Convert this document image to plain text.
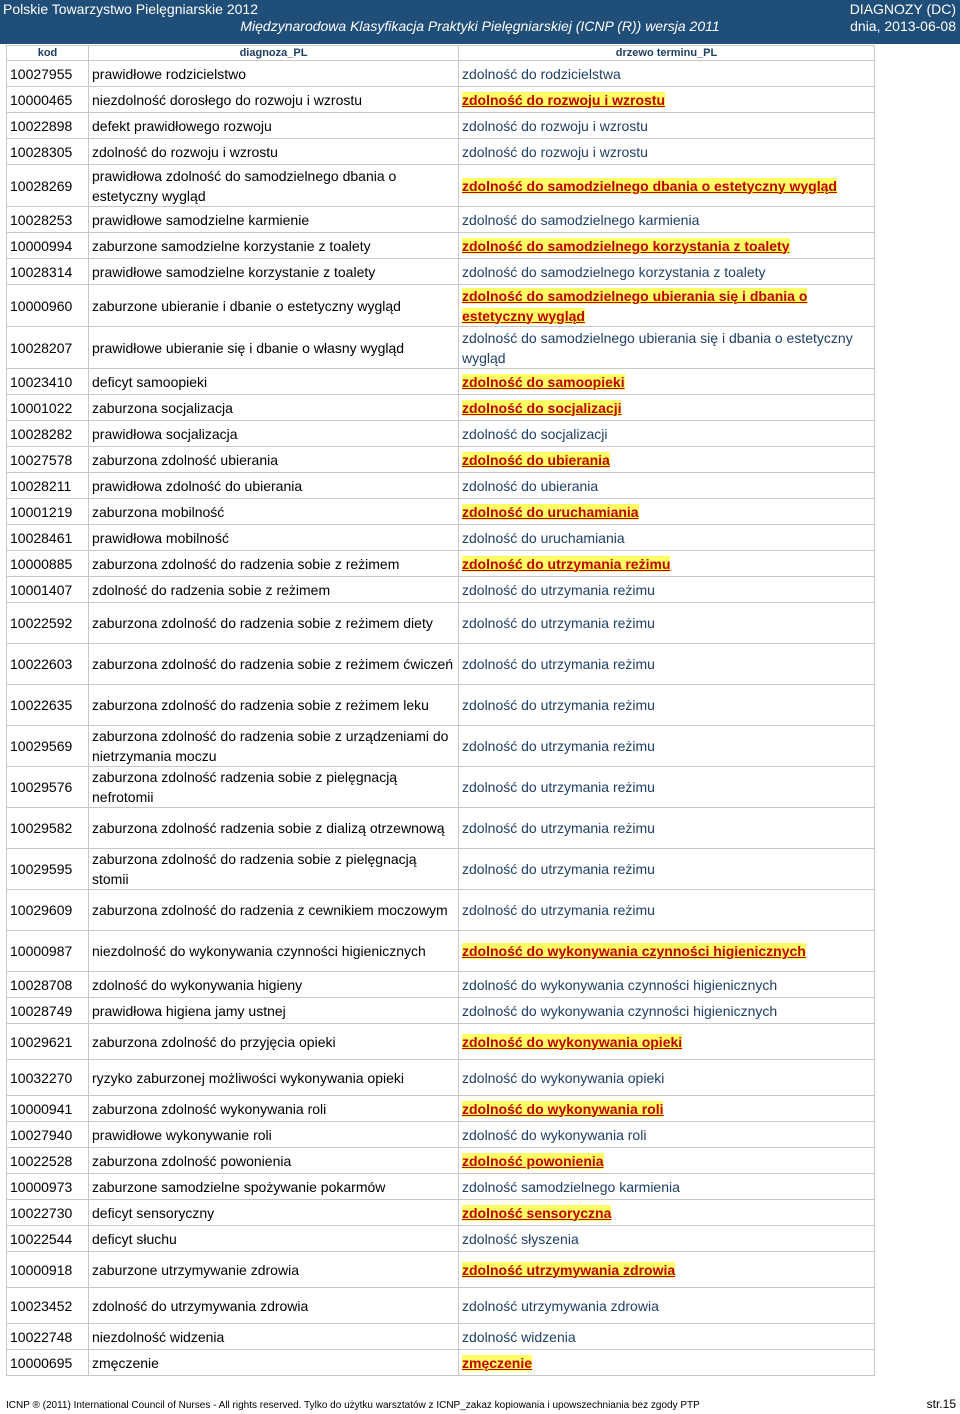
Polskie Towarzystwo Pielęgniarskie 2012
Międzynarodowa Klasyfikacja Praktyki Pielęgniarskiej (ICNP (R)) wersja 2011
DIAGNOZY (DC)
dnia, 2013-06-08
kod	diagnoza_PL	drzewo terminu_PL
10027955	prawidłowe rodzicielstwo	zdolność do rodzicielstwa
10000465	niezdolność dorosłego do rozwoju i wzrostu	zdolność do rozwoju i wzrostu
10022898	defekt prawidłowego rozwoju	zdolność do rozwoju i wzrostu
10028305	zdolność do rozwoju i wzrostu	zdolność do rozwoju i wzrostu
10028269	prawidłowa zdolność do samodzielnego dbania o estetyczny wygląd	zdolność do samodzielnego dbania o estetyczny wygląd
10028253	prawidłowe samodzielne karmienie	zdolność do samodzielnego karmienia
10000994	zaburzone samodzielne korzystanie z toalety	zdolność do samodzielnego korzystania z toalety
10028314	prawidłowe samodzielne korzystanie z toalety	zdolność do samodzielnego korzystania z toalety
10000960	zaburzone ubieranie i dbanie o estetyczny wygląd	zdolność do samodzielnego ubierania się i dbania o estetyczny wygląd
10028207	prawidłowe ubieranie się i dbanie o własny wygląd	zdolność do samodzielnego ubierania się i dbania o estetyczny wygląd
10023410	deficyt samoopieki	zdolność do samoopieki
10001022	zaburzona socjalizacja	zdolność do socjalizacji
10028282	prawidłowa socjalizacja	zdolność do socjalizacji
10027578	zaburzona zdolność ubierania	zdolność do ubierania
10028211	prawidłowa zdolność do ubierania	zdolność do ubierania
10001219	zaburzona mobilność	zdolność do uruchamiania
10028461	prawidłowa mobilność	zdolność do uruchamiania
10000885	zaburzona zdolność do radzenia sobie z reżimem	zdolność do utrzymania reżimu
10001407	zdolność do radzenia sobie z reżimem	zdolność do utrzymania reżimu
10022592	zaburzona zdolność do radzenia sobie z reżimem diety	zdolność do utrzymania reżimu
10022603	zaburzona zdolność do radzenia sobie z reżimem ćwiczeń	zdolność do utrzymania reżimu
10022635	zaburzona zdolność do radzenia sobie z reżimem leku	zdolność do utrzymania reżimu
10029569	zaburzona zdolność do radzenia sobie z urządzeniami do nietrzymania moczu	zdolność do utrzymania reżimu
10029576	zaburzona zdolność radzenia sobie z pielęgnacją nefrotomii	zdolność do utrzymania reżimu
10029582	zaburzona zdolność radzenia sobie z dializą otrzewnową	zdolność do utrzymania reżimu
10029595	zaburzona zdolność do radzenia sobie z pielęgnacją stomii	zdolność do utrzymania reżimu
10029609	zaburzona zdolność do radzenia z cewnikiem moczowym	zdolność do utrzymania reżimu
10000987	niezdolność do wykonywania czynności higienicznych	zdolność do wykonywania czynności higienicznych
10028708	zdolność do wykonywania higieny	zdolność do wykonywania czynności higienicznych
10028749	prawidłowa higiena jamy ustnej	zdolność do wykonywania czynności higienicznych
10029621	zaburzona zdolność do przyjęcia opieki	zdolność do wykonywania opieki
10032270	ryzyko zaburzonej możliwości wykonywania opieki	zdolność do wykonywania opieki
10000941	zaburzona zdolność wykonywania roli	zdolność do wykonywania roli
10027940	prawidłowe wykonywanie roli	zdolność do wykonywania roli
10022528	zaburzona zdolność powonienia	zdolność powonienia
10000973	zaburzone samodzielne spożywanie pokarmów	zdolność samodzielnego karmienia
10022730	deficyt sensoryczny	zdolność sensoryczna
10022544	deficyt słuchu	zdolność słyszenia
10000918	zaburzone utrzymywanie zdrowia	zdolność utrzymywania zdrowia
10023452	zdolność do utrzymywania zdrowia	zdolność utrzymywania zdrowia
10022748	niezdolność widzenia	zdolność widzenia
10000695	zmęczenie	zmęczenie
ICNP ® (2011) International Council of Nurses - All rights reserved. Tylko do użytku warsztatów z ICNP_zakaz kopiowania i upowszechniania bez zgody PTP	str.15
